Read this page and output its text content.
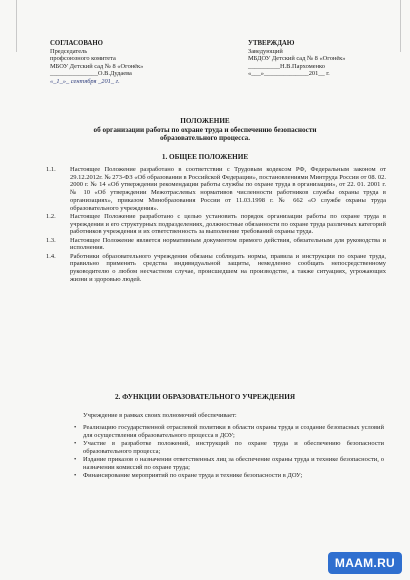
СОГЛАСОВАНО
Председатель
профсоюзного комитета
МБОУ Детский сад № 8 «Огонёк»
_______________О.В.Дудаева
«_1_»_ сентября _201_ г.
УТВЕРЖДАЮ
Заведующий
МБДОУ Детский сад № 8 «Огонёк»
__________Н.В.Пархоменко
«___»______________201__ г.
ПОЛОЖЕНИЕ
об организации работы по охране труда и обеспечению безопасности
образовательного процесса.
1. ОБЩЕЕ ПОЛОЖЕНИЕ
1.1.	Настоящее Положение разработано в соответствии с Трудовым кодексом РФ, Федеральным законом от 29.12.2012г. № 273-ФЗ «Об образовании в Российской Федерации», постановлениями Минтруда России от 08. 02. 2000 г. № 14 «Об утверждении рекомендации работы службы по охране труда в организации», от 22. 01. 2001 г. № 10 «Об утверждении Межотраслевых нормативов численности работников службы охраны труда в организациях», приказом Минобразования России от 11.03.1998 г. № 662 «О службе охраны труда образовательного учреждения».
1.2.	Настоящее Положение разработано с целью установить порядок организации работы по охране труда в учреждении и его структурных подразделениях, должностные обязанности по охране труда различных категорий работников учреждения и их ответственность за выполнение требований охраны труда.
1.3.	Настоящее Положение является нормативным документом прямого действия, обязательным для руководства и исполнения.
1.4.	Работники образовательного учреждения обязаны соблюдать нормы, правила и инструкции по охране труда, правильно применять средства индивидуальной защиты, немедленно сообщать непосредственному руководителю о любом несчастном случае, происшедшем на производстве, а также ситуациях, угрожающих жизни и здоровью людей.
2. ФУНКЦИИ ОБРАЗОВАТЕЛЬНОГО УЧРЕЖДЕНИЯ
Учреждение в рамках своих полномочий обеспечивает:
•	Реализацию государственной отраслевой политики в области охраны труда и создание безопасных условий для осуществления образовательного процесса в ДОУ;
•	Участие в разработке положений, инструкций по охране труда и обеспечению безопасности образовательного процесса;
•	Издание приказов о назначении ответственных лиц за обеспечение охраны труда и технике безопасности, о назначении комиссий по охране труда;
•	Финансирование мероприятий по охране труда и технике безопасности в ДОУ;
MAAM.RU
